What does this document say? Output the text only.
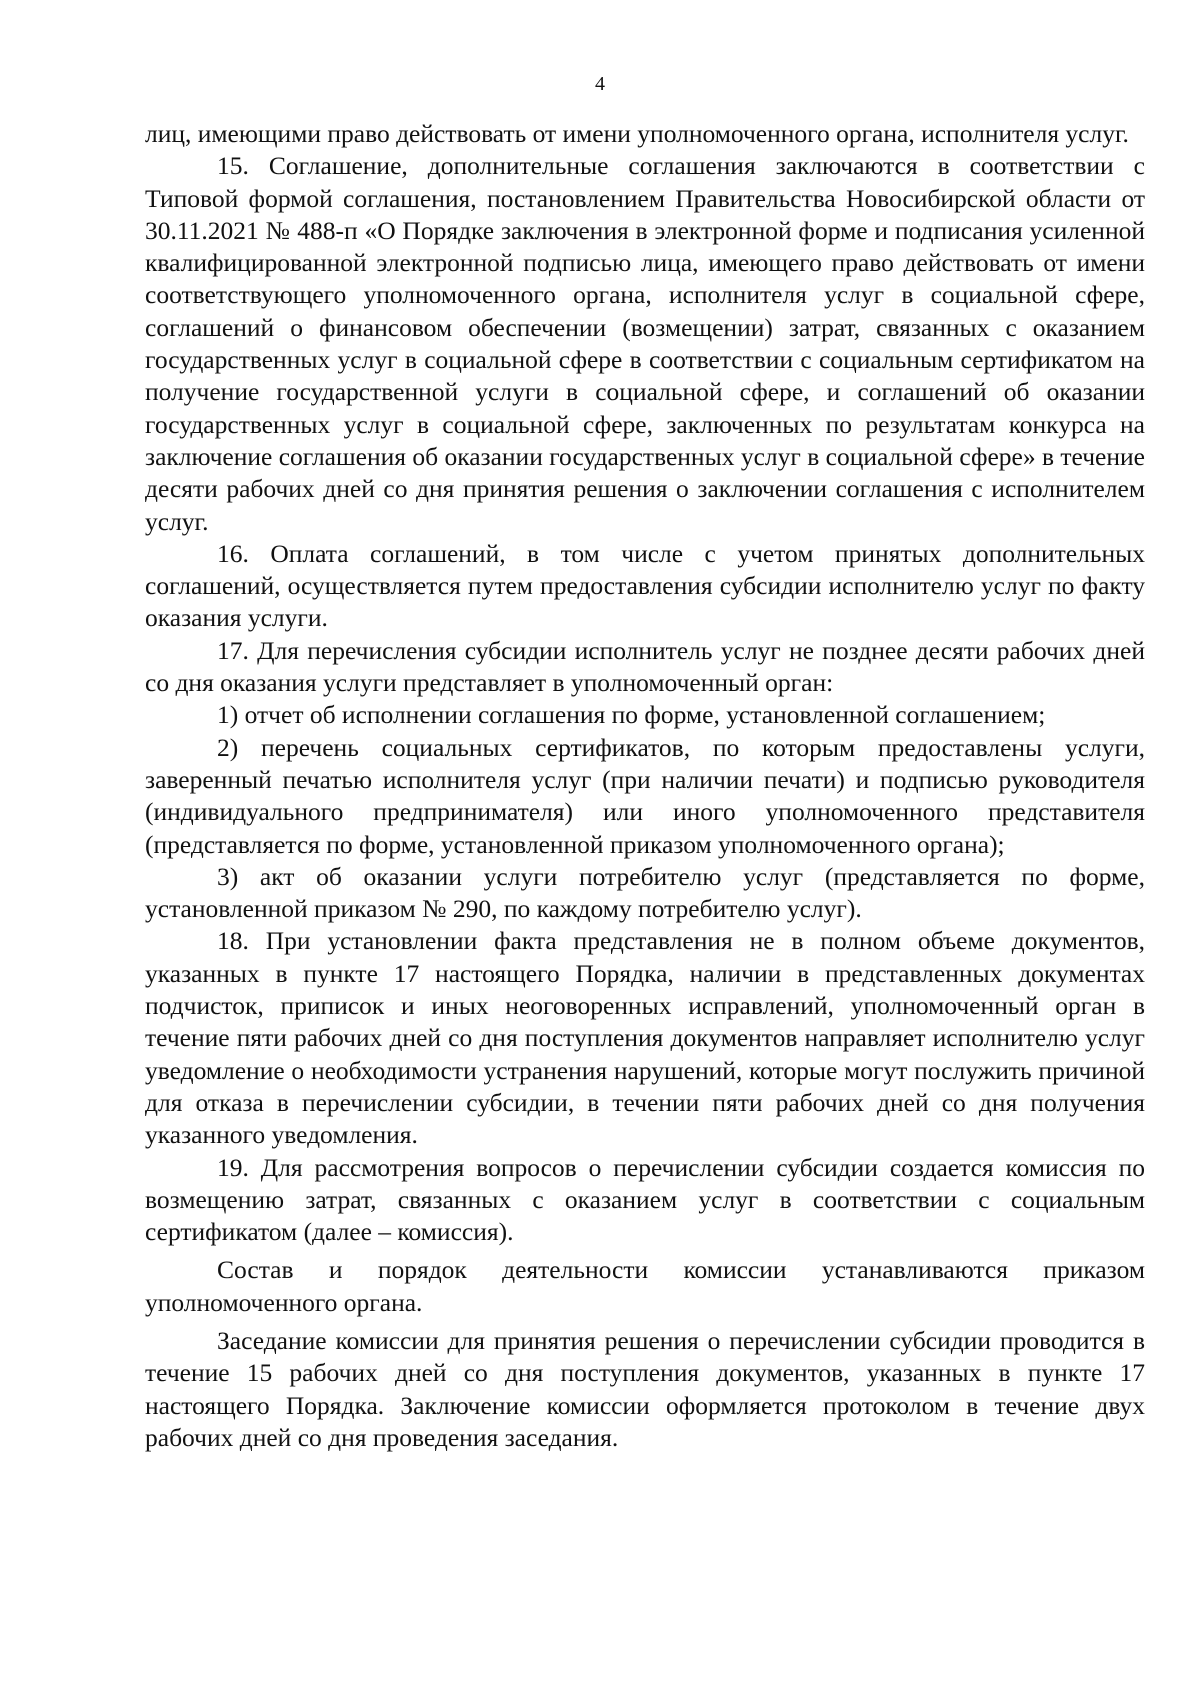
4

лиц, имеющими право действовать от имени уполномоченного органа, исполнителя услуг.

15. Соглашение, дополнительные соглашения заключаются в соответствии с Типовой формой соглашения, постановлением Правительства Новосибирской области от 30.11.2021 № 488-п «О Порядке заключения в электронной форме и подписания усиленной квалифицированной электронной подписью лица, имеющего право действовать от имени соответствующего уполномоченного органа, исполнителя услуг в социальной сфере, соглашений о финансовом обеспечении (возмещении) затрат, связанных с оказанием государственных услуг в социальной сфере в соответствии с социальным сертификатом на получение государственной услуги в социальной сфере, и соглашений об оказании государственных услуг в социальной сфере, заключенных по результатам конкурса на заключение соглашения об оказании государственных услуг в социальной сфере» в течение десяти рабочих дней со дня принятия решения о заключении соглашения с исполнителем услуг.

16. Оплата соглашений, в том числе с учетом принятых дополнительных соглашений, осуществляется путем предоставления субсидии исполнителю услуг по факту оказания услуги.

17. Для перечисления субсидии исполнитель услуг не позднее десяти рабочих дней со дня оказания услуги представляет в уполномоченный орган:

1) отчет об исполнении соглашения по форме, установленной соглашением;

2) перечень социальных сертификатов, по которым предоставлены услуги, заверенный печатью исполнителя услуг (при наличии печати) и подписью руководителя (индивидуального предпринимателя) или иного уполномоченного представителя (представляется по форме, установленной приказом уполномоченного органа);

3) акт об оказании услуги потребителю услуг (представляется по форме, установленной приказом № 290, по каждому потребителю услуг).

18. При установлении факта представления не в полном объеме документов, указанных в пункте 17 настоящего Порядка, наличии в представленных документах подчисток, приписок и иных неоговоренных исправлений, уполномоченный орган в течение пяти рабочих дней со дня поступления документов направляет исполнителю услуг уведомление о необходимости устранения нарушений, которые могут послужить причиной для отказа в перечислении субсидии, в течении пяти рабочих дней со дня получения указанного уведомления.

19. Для рассмотрения вопросов о перечислении субсидии создается комиссия по возмещению затрат, связанных с оказанием услуг в соответствии с социальным сертификатом (далее – комиссия).

Состав и порядок деятельности комиссии устанавливаются приказом уполномоченного органа.

Заседание комиссии для принятия решения о перечислении субсидии проводится в течение 15 рабочих дней со дня поступления документов, указанных в пункте 17 настоящего Порядка. Заключение комиссии оформляется протоколом в течение двух рабочих дней со дня проведения заседания.
